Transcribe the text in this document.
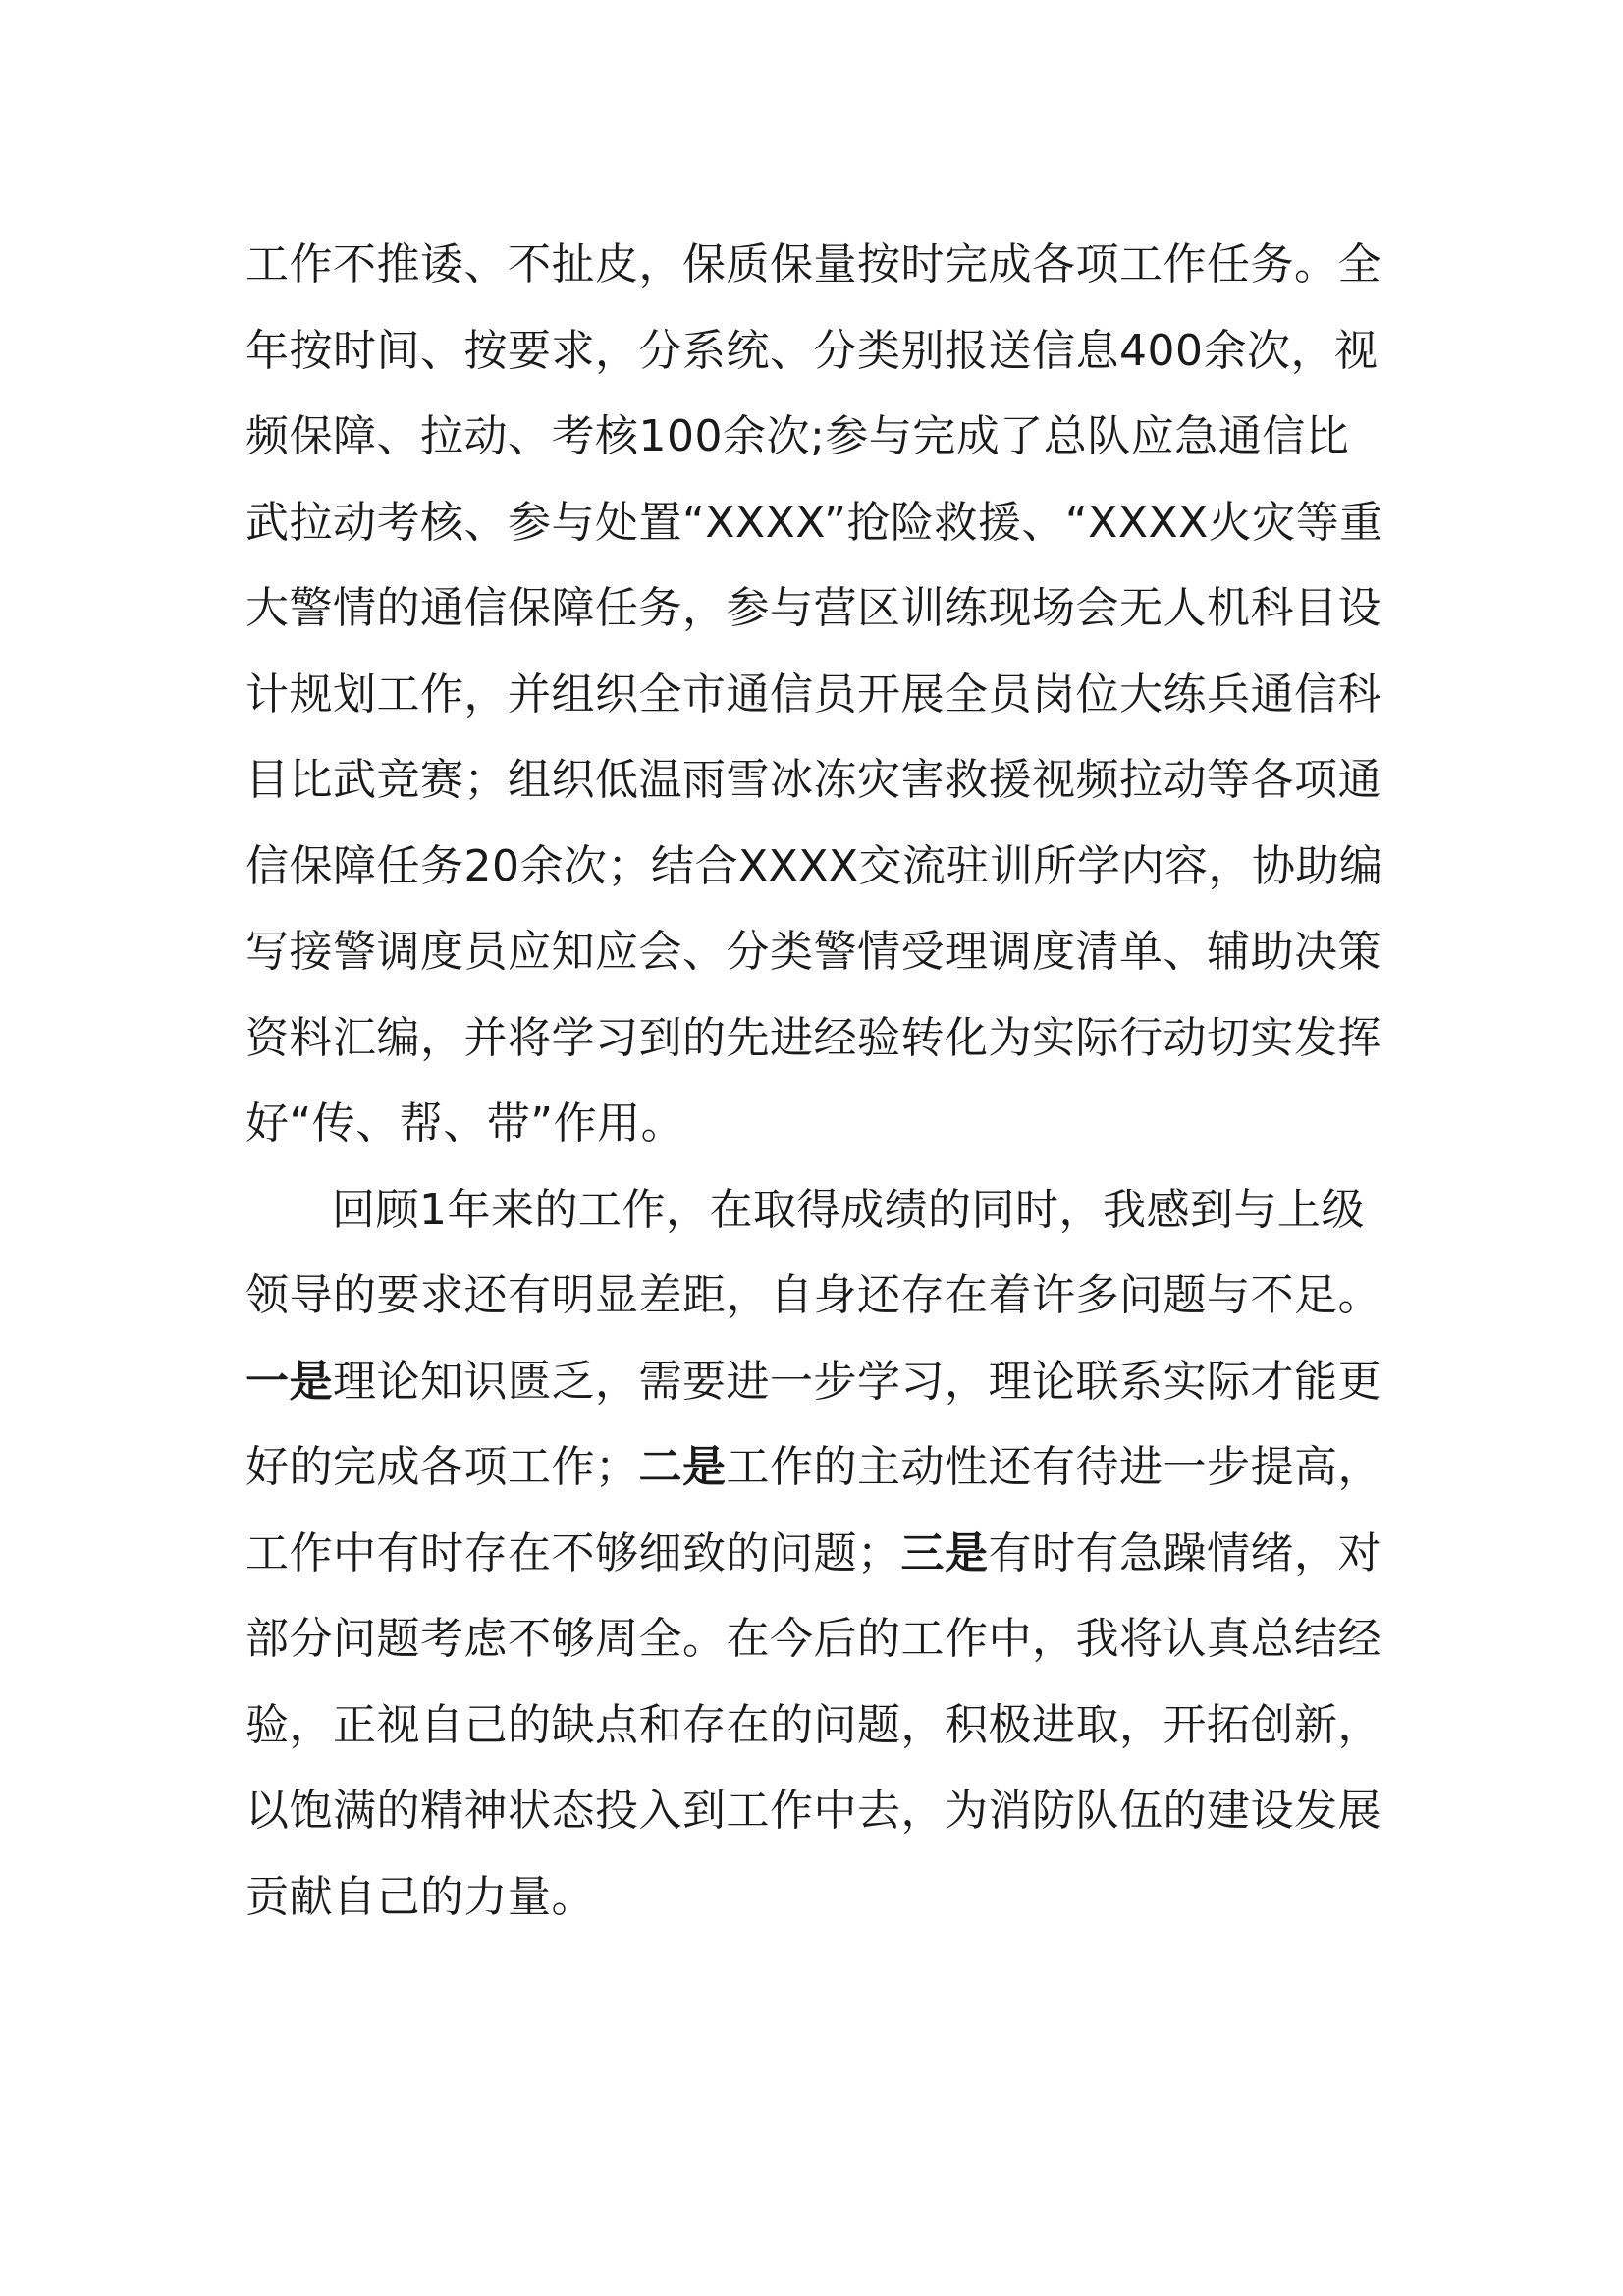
工作不推诿、不扯皮，保质保量按时完成各项工作任务。全年按时间、按要求，分系统、分类别报送信息400余次，视频保障、拉动、考核100余次;参与完成了总队应急通信比武拉动考核、参与处置“XXXX”抢险救援、“XXXX火灾等重大警情的通信保障任务，参与营区训练现场会无人机科目设计规划工作，并组织全市通信员开展全员岗位大练兵通信科目比武竞赛；组织低温雨雪冰冻灾害救援视频拉动等各项通信保障任务20余次；结合XXXX交流驻训所学内容，协助编写接警调度员应知应会、分类警情受理调度清单、辅助决策资料汇编，并将学习到的先进经验转化为实际行动切实发挥好“传、帮、带”作用。

回顾1年来的工作，在取得成绩的同时，我感到与上级领导的要求还有明显差距，自身还存在着许多问题与不足。一是理论知识匮乏，需要进一步学习，理论联系实际才能更好的完成各项工作；二是工作的主动性还有待进一步提高，工作中有时存在不够细致的问题；三是有时有急躁情绪，对部分问题考虑不够周全。在今后的工作中，我将认真总结经验，正视自己的缺点和存在的问题，积极进取，开拓创新，以饱满的精神状态投入到工作中去，为消防队伍的建设发展贡献自己的力量。
